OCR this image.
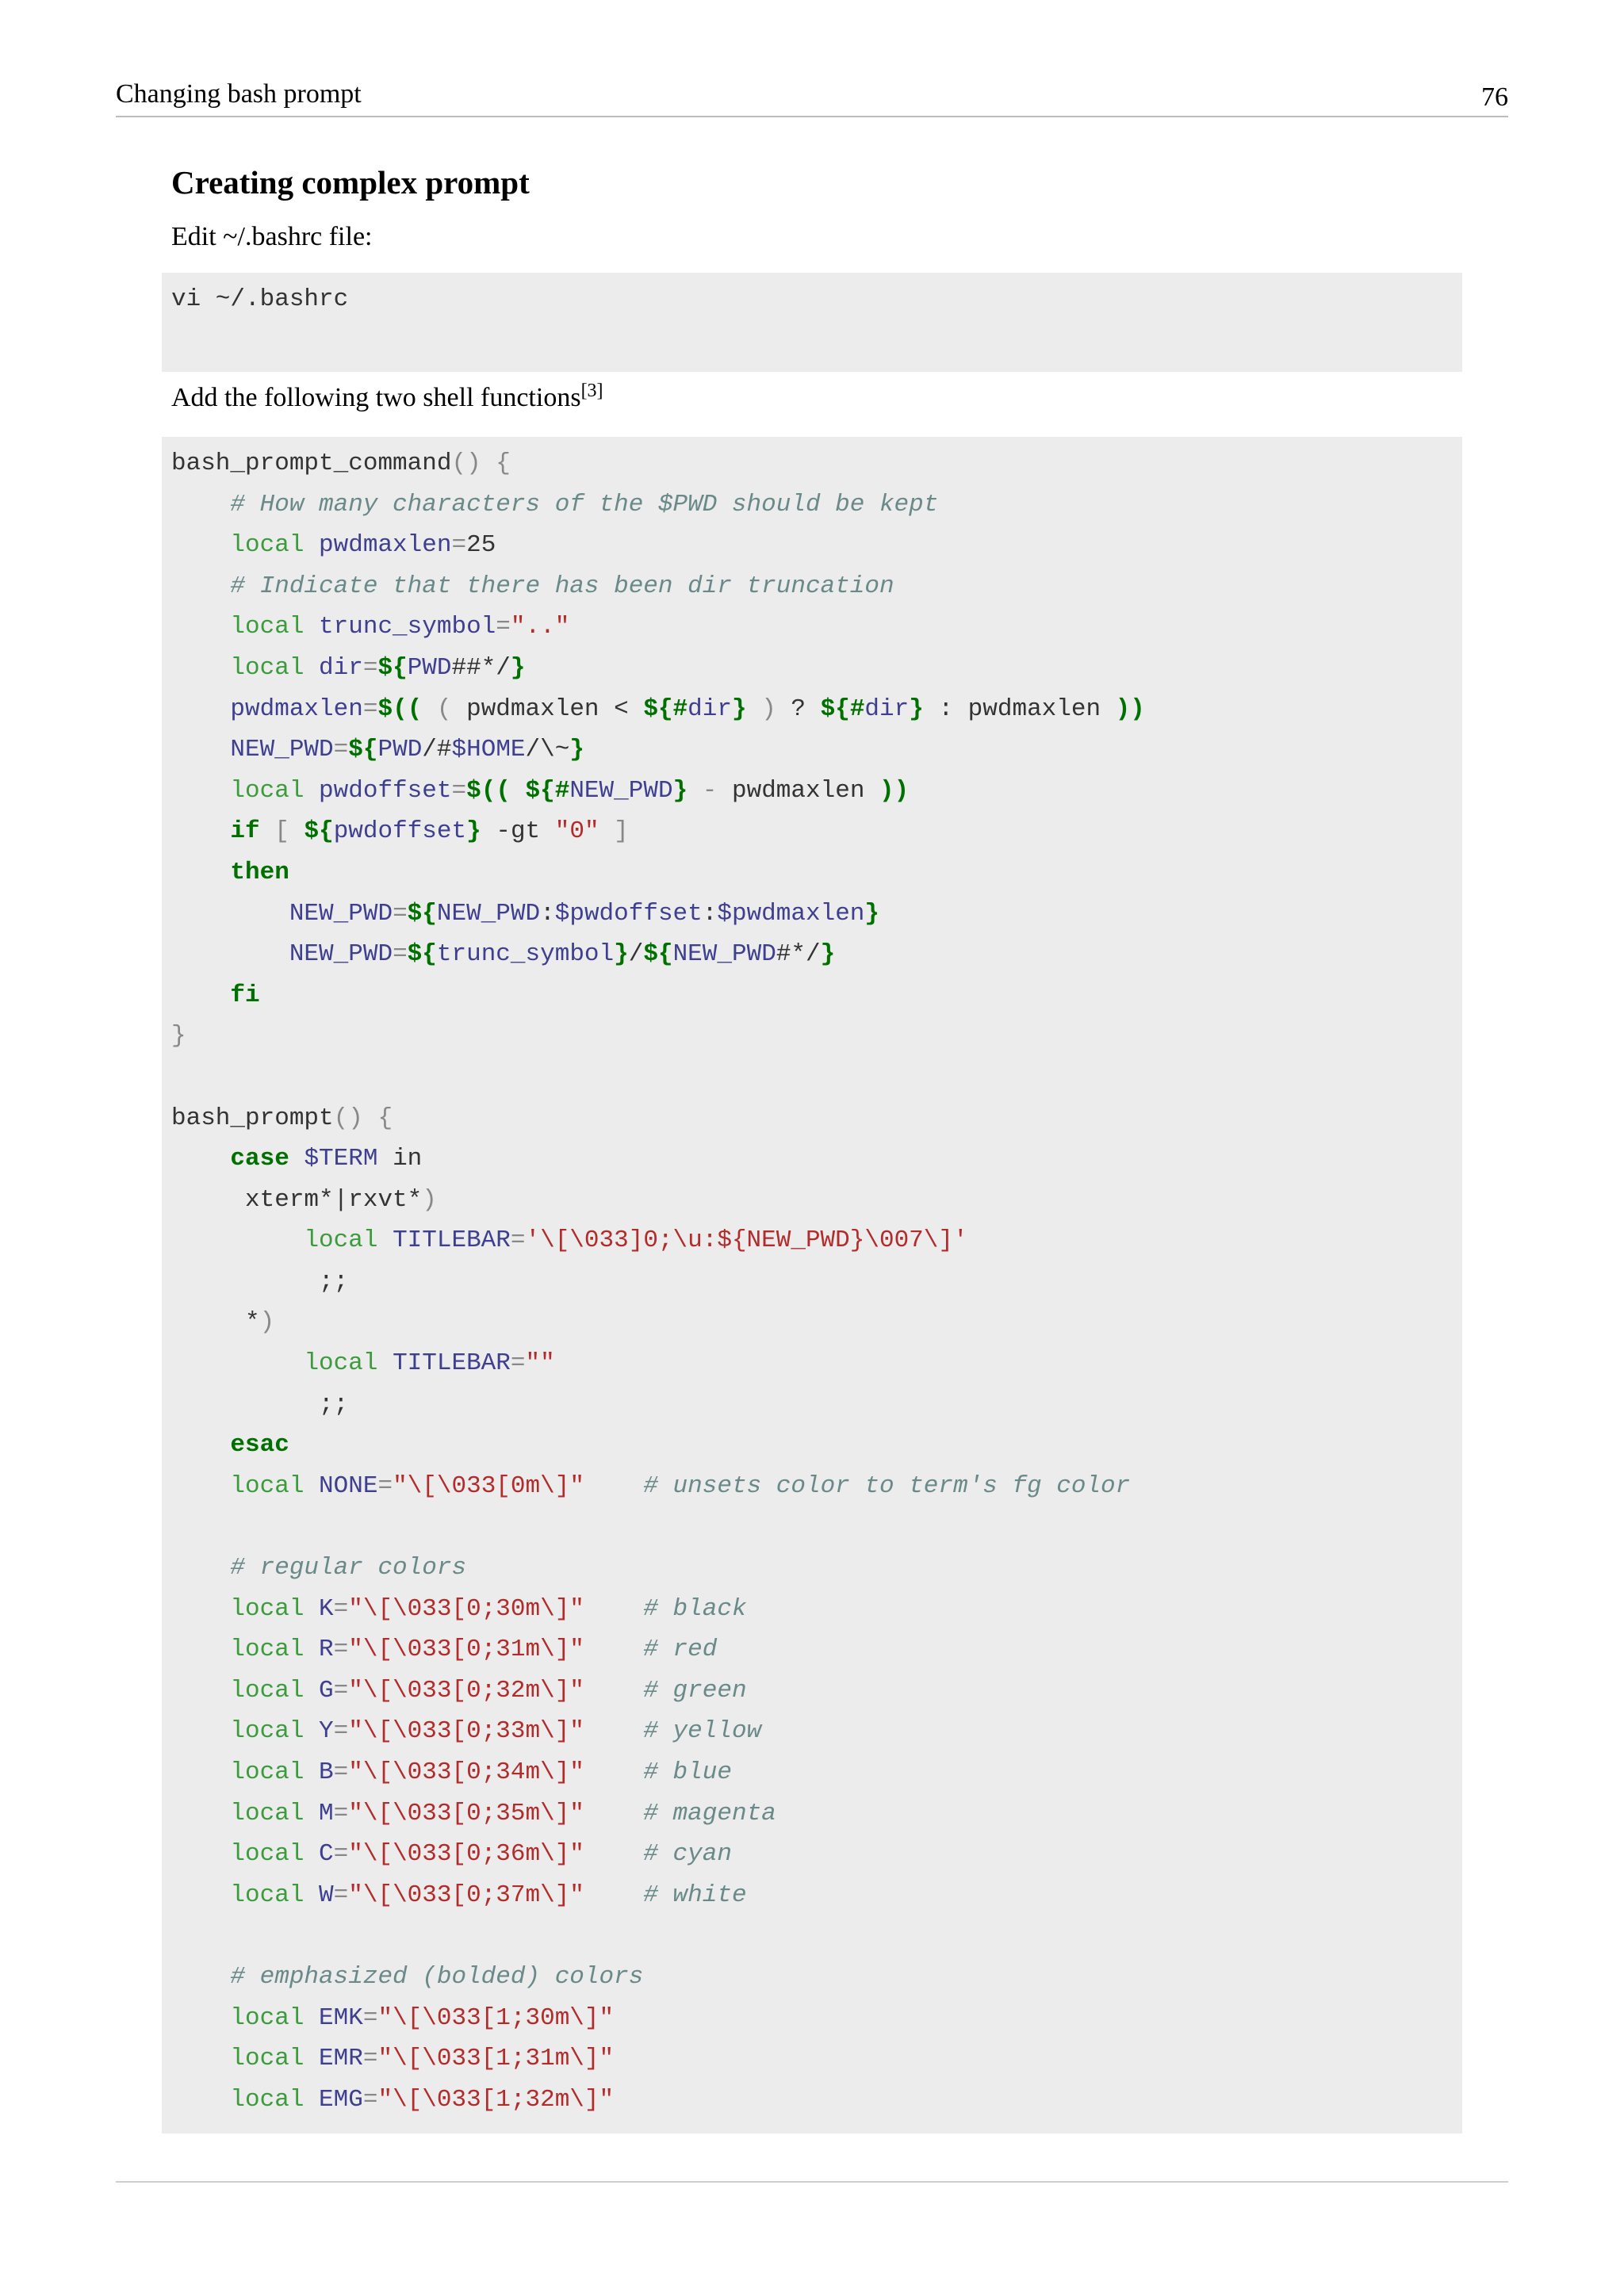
Changing bash prompt	76
Creating complex prompt
Edit ~/.bashrc file:
vi ~/.bashrc
Add the following two shell functions[3]
bash_prompt_command() {
# How many characters of the $PWD should be kept
local pwdmaxlen=25
# Indicate that there has been dir truncation
local trunc_symbol=".."
local dir=${PWD##*/}
pwdmaxlen=$(( ( pwdmaxlen < ${#dir} ) ? ${#dir} : pwdmaxlen ))
NEW_PWD=${PWD/#$HOME/\~}
local pwdoffset=$(( ${#NEW_PWD} - pwdmaxlen ))
if [ ${pwdoffset} -gt "0" ]
then
NEW_PWD=${NEW_PWD:$pwdoffset:$pwdmaxlen}
NEW_PWD=${trunc_symbol}/${NEW_PWD#*/}
fi
}
bash_prompt() {
case $TERM in
xterm*|rxvt*)
local TITLEBAR='\[\033]0;\u:${NEW_PWD}\007\]'
;;
*)
local TITLEBAR=""
;;
esac
local NONE="\[\033[0m\]" # unsets color to term's fg color
# regular colors
local K="\[\033[0;30m\]" # black
local R="\[\033[0;31m\]" # red
local G="\[\033[0;32m\]" # green
local Y="\[\033[0;33m\]" # yellow
local B="\[\033[0;34m\]" # blue
local M="\[\033[0;35m\]" # magenta
local C="\[\033[0;36m\]" # cyan
local W="\[\033[0;37m\]" # white
# emphasized (bolded) colors
local EMK="\[\033[1;30m\]"
local EMR="\[\033[1;31m\]"
local EMG="\[\033[1;32m\]"
